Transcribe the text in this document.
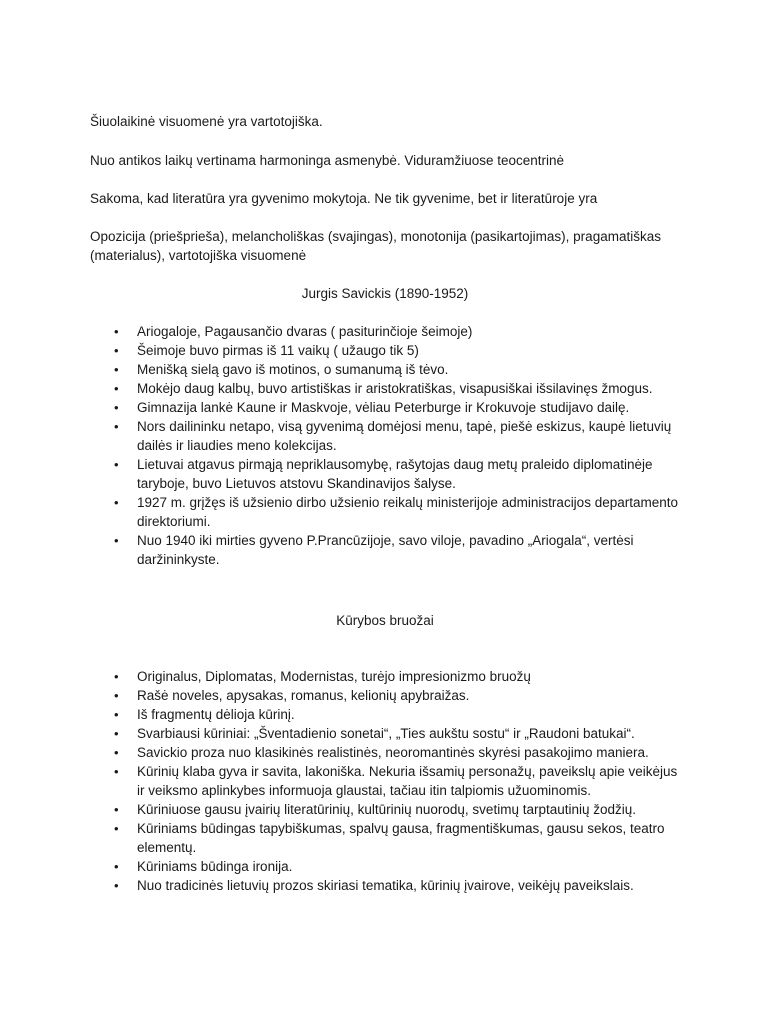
Šiuolaikinė visuomenė yra vartotojiška.

Nuo antikos laikų vertinama harmoninga asmenybė. Viduramžiuose teocentrinė

Sakoma, kad literatūra yra gyvenimo mokytoja. Ne tik gyvenime, bet ir literatūroje yra

Opozicija (priešprieša), melancholiškas (svajingas), monotonija (pasikartojimas), pragamatiškas (materialus), vartotojiška visuomenė

Jurgis Savickis (1890-1952)

• Ariogaloje, Pagausančio dvaras ( pasiturinčioje šeimoje)
• Šeimoje buvo pirmas iš 11 vaikų ( užaugo tik 5)
• Menišką sielą gavo iš motinos, o sumanumą iš tėvo.
• Mokėjo daug kalbų, buvo artistiškas ir aristokratiškas, visapusiškai išsilavinęs žmogus.
• Gimnazija lankė Kaune ir Maskvoje, vėliau Peterburge ir Krokuvoje studijavo dailę.
• Nors dailininku netapo, visą gyvenimą domėjosi menu, tapė, piešė eskizus, kaupė lietuvių dailės ir liaudies meno kolekcijas.
• Lietuvai atgavus pirmąją nepriklausomybę, rašytojas daug metų praleido diplomatinėje taryboje, buvo Lietuvos atstovu Skandinavijos šalyse.
• 1927 m. grįžęs iš užsienio dirbo užsienio reikalų ministerijoje administracijos departamento direktoriumi.
• Nuo 1940 iki mirties gyveno P.Prancūzijoje, savo viloje, pavadino „Ariogala“, vertėsi daržininkyste.

Kūrybos bruožai

• Originalus, Diplomatas, Modernistas, turėjo impresionizmo bruožų
• Rašė noveles, apysakas, romanus, kelionių apybraižas.
• Iš fragmentų dėlioja kūrinį.
• Svarbiausi kūriniai: „Šventadienio sonetai“, „Ties aukštu sostu“ ir „Raudoni batukai“.
• Savickio proza nuo klasikinės realistinės, neoromantinės skyrėsi pasakojimo maniera.
• Kūrinių klaba gyva ir savita, lakoniška. Nekuria išsamių personažų, paveikslų apie veikėjus ir veiksmo aplinkybes informuoja glaustai, tačiau itin talpiomis užuominomis.
• Kūriniuose gausu įvairių literatūrinių, kultūrinių nuorodų, svetimų tarptautinių žodžių.
• Kūriniams būdingas tapybiškumas, spalvų gausa, fragmentiškumas, gausu sekos, teatro elementų.
• Kūriniams būdinga ironija.
• Nuo tradicinės lietuvių prozos skiriasi tematika, kūrinių įvairove, veikėjų paveikslais.
